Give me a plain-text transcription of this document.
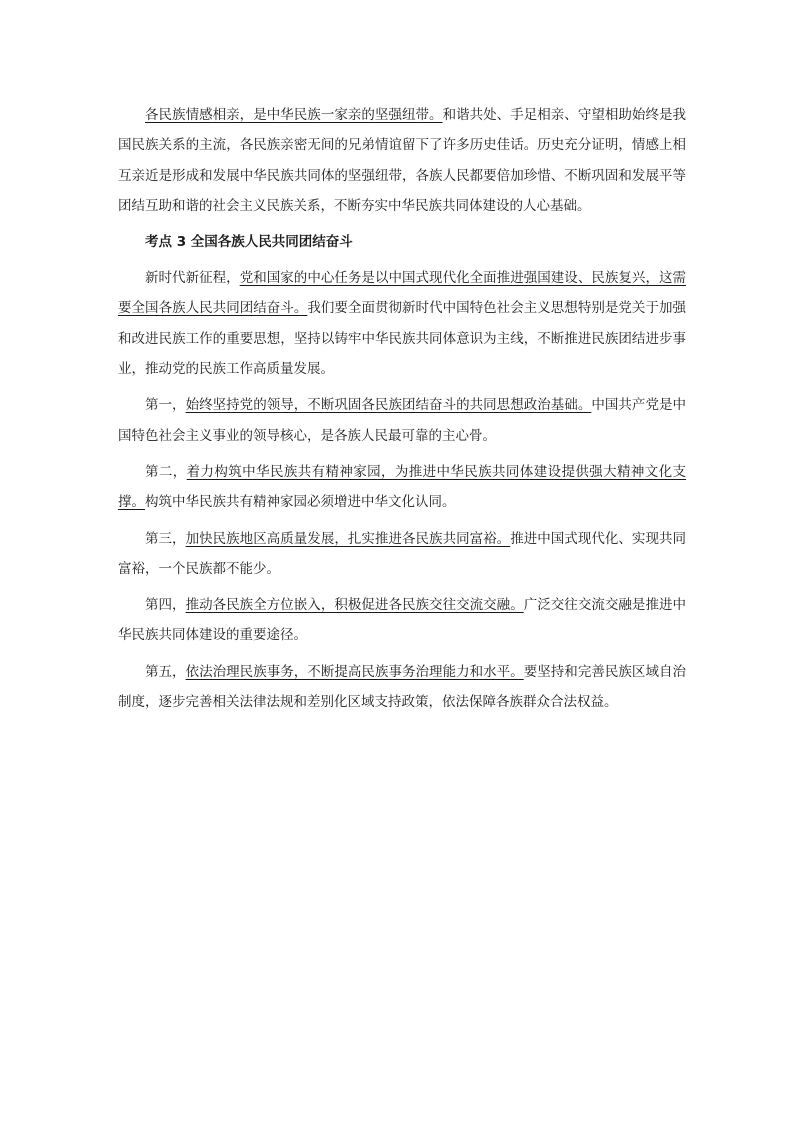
各民族情感相亲，是中华民族一家亲的坚强纽带。和谐共处、手足相亲、守望相助始终是我国民族关系的主流，各民族亲密无间的兄弟情谊留下了许多历史佳话。历史充分证明，情感上相互亲近是形成和发展中华民族共同体的坚强纽带，各族人民都要倍加珍惜、不断巩固和发展平等团结互助和谐的社会主义民族关系，不断夯实中华民族共同体建设的人心基础。

考点 3 全国各族人民共同团结奋斗

新时代新征程，党和国家的中心任务是以中国式现代化全面推进强国建设、民族复兴，这需要全国各族人民共同团结奋斗。我们要全面贯彻新时代中国特色社会主义思想特别是党关于加强和改进民族工作的重要思想，坚持以铸牢中华民族共同体意识为主线，不断推进民族团结进步事业，推动党的民族工作高质量发展。

第一，始终坚持党的领导，不断巩固各民族团结奋斗的共同思想政治基础。中国共产党是中国特色社会主义事业的领导核心，是各族人民最可靠的主心骨。

第二，着力构筑中华民族共有精神家园，为推进中华民族共同体建设提供强大精神文化支撑。构筑中华民族共有精神家园必须增进中华文化认同。

第三，加快民族地区高质量发展，扎实推进各民族共同富裕。推进中国式现代化、实现共同富裕，一个民族都不能少。

第四，推动各民族全方位嵌入，积极促进各民族交往交流交融。广泛交往交流交融是推进中华民族共同体建设的重要途径。

第五，依法治理民族事务，不断提高民族事务治理能力和水平。要坚持和完善民族区域自治制度，逐步完善相关法律法规和差别化区域支持政策，依法保障各族群众合法权益。
